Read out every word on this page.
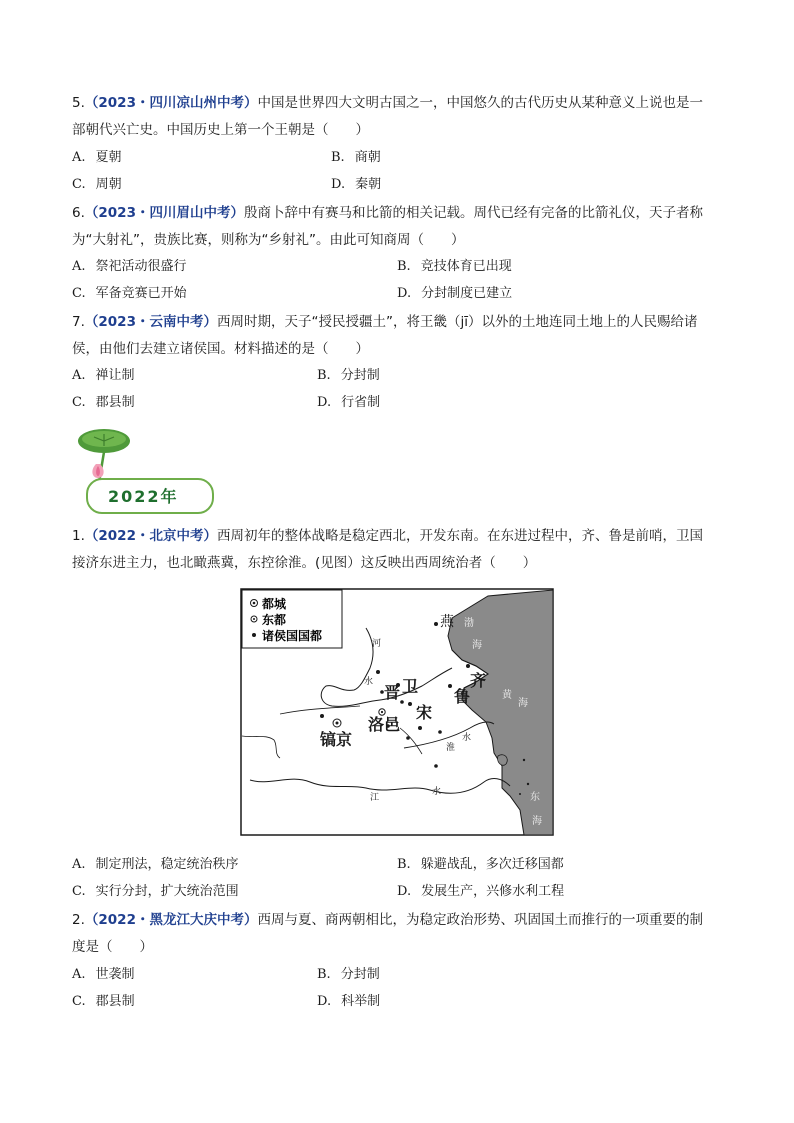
5.（2023・四川凉山州中考）中国是世界四大文明古国之一，中国悠久的古代历史从某种意义上说也是一
部朝代兴亡史。中国历史上第一个王朝是（　　）
A. 夏朝	B. 商朝
C. 周朝	D. 秦朝
6.（2023・四川眉山中考）殷商卜辞中有赛马和比箭的相关记载。周代已经有完备的比箭礼仪，天子者称
为“大射礼”，贵族比赛，则称为“乡射礼”。由此可知商周（　　）
A. 祭祀活动很盛行	B. 竞技体育已出现
C. 军备竞赛已开始	D. 分封制度已建立
7.（2023・云南中考）西周时期，天子“授民授疆土”，将王畿（jī）以外的土地连同土地上的人民赐给诸
侯，由他们去建立诸侯国。材料描述的是（　　）
A. 禅让制	B. 分封制
C. 郡县制	D. 行省制
2022年
1.（2022・北京中考）西周初年的整体战略是稳定西北，开发东南。在东进过程中，齐、鲁是前哨，卫国
接济东进主力，也北瞰燕冀，东控徐淮。(见图）这反映出西周统治者（　　）
都城
东都
诸侯国国都
燕
晋 卫	齐
鲁
宋
洛邑
镐京
渤
海
黄
海
东
海
河
水
淮
水
江
水
A. 制定刑法，稳定统治秩序	B. 躲避战乱，多次迁移国都
C. 实行分封，扩大统治范围	D. 发展生产，兴修水利工程
2.（2022・黑龙江大庆中考）西周与夏、商两朝相比，为稳定政治形势、巩固国土而推行的一项重要的制
度是（　　）
A. 世袭制	B. 分封制
C. 郡县制	D. 科举制
